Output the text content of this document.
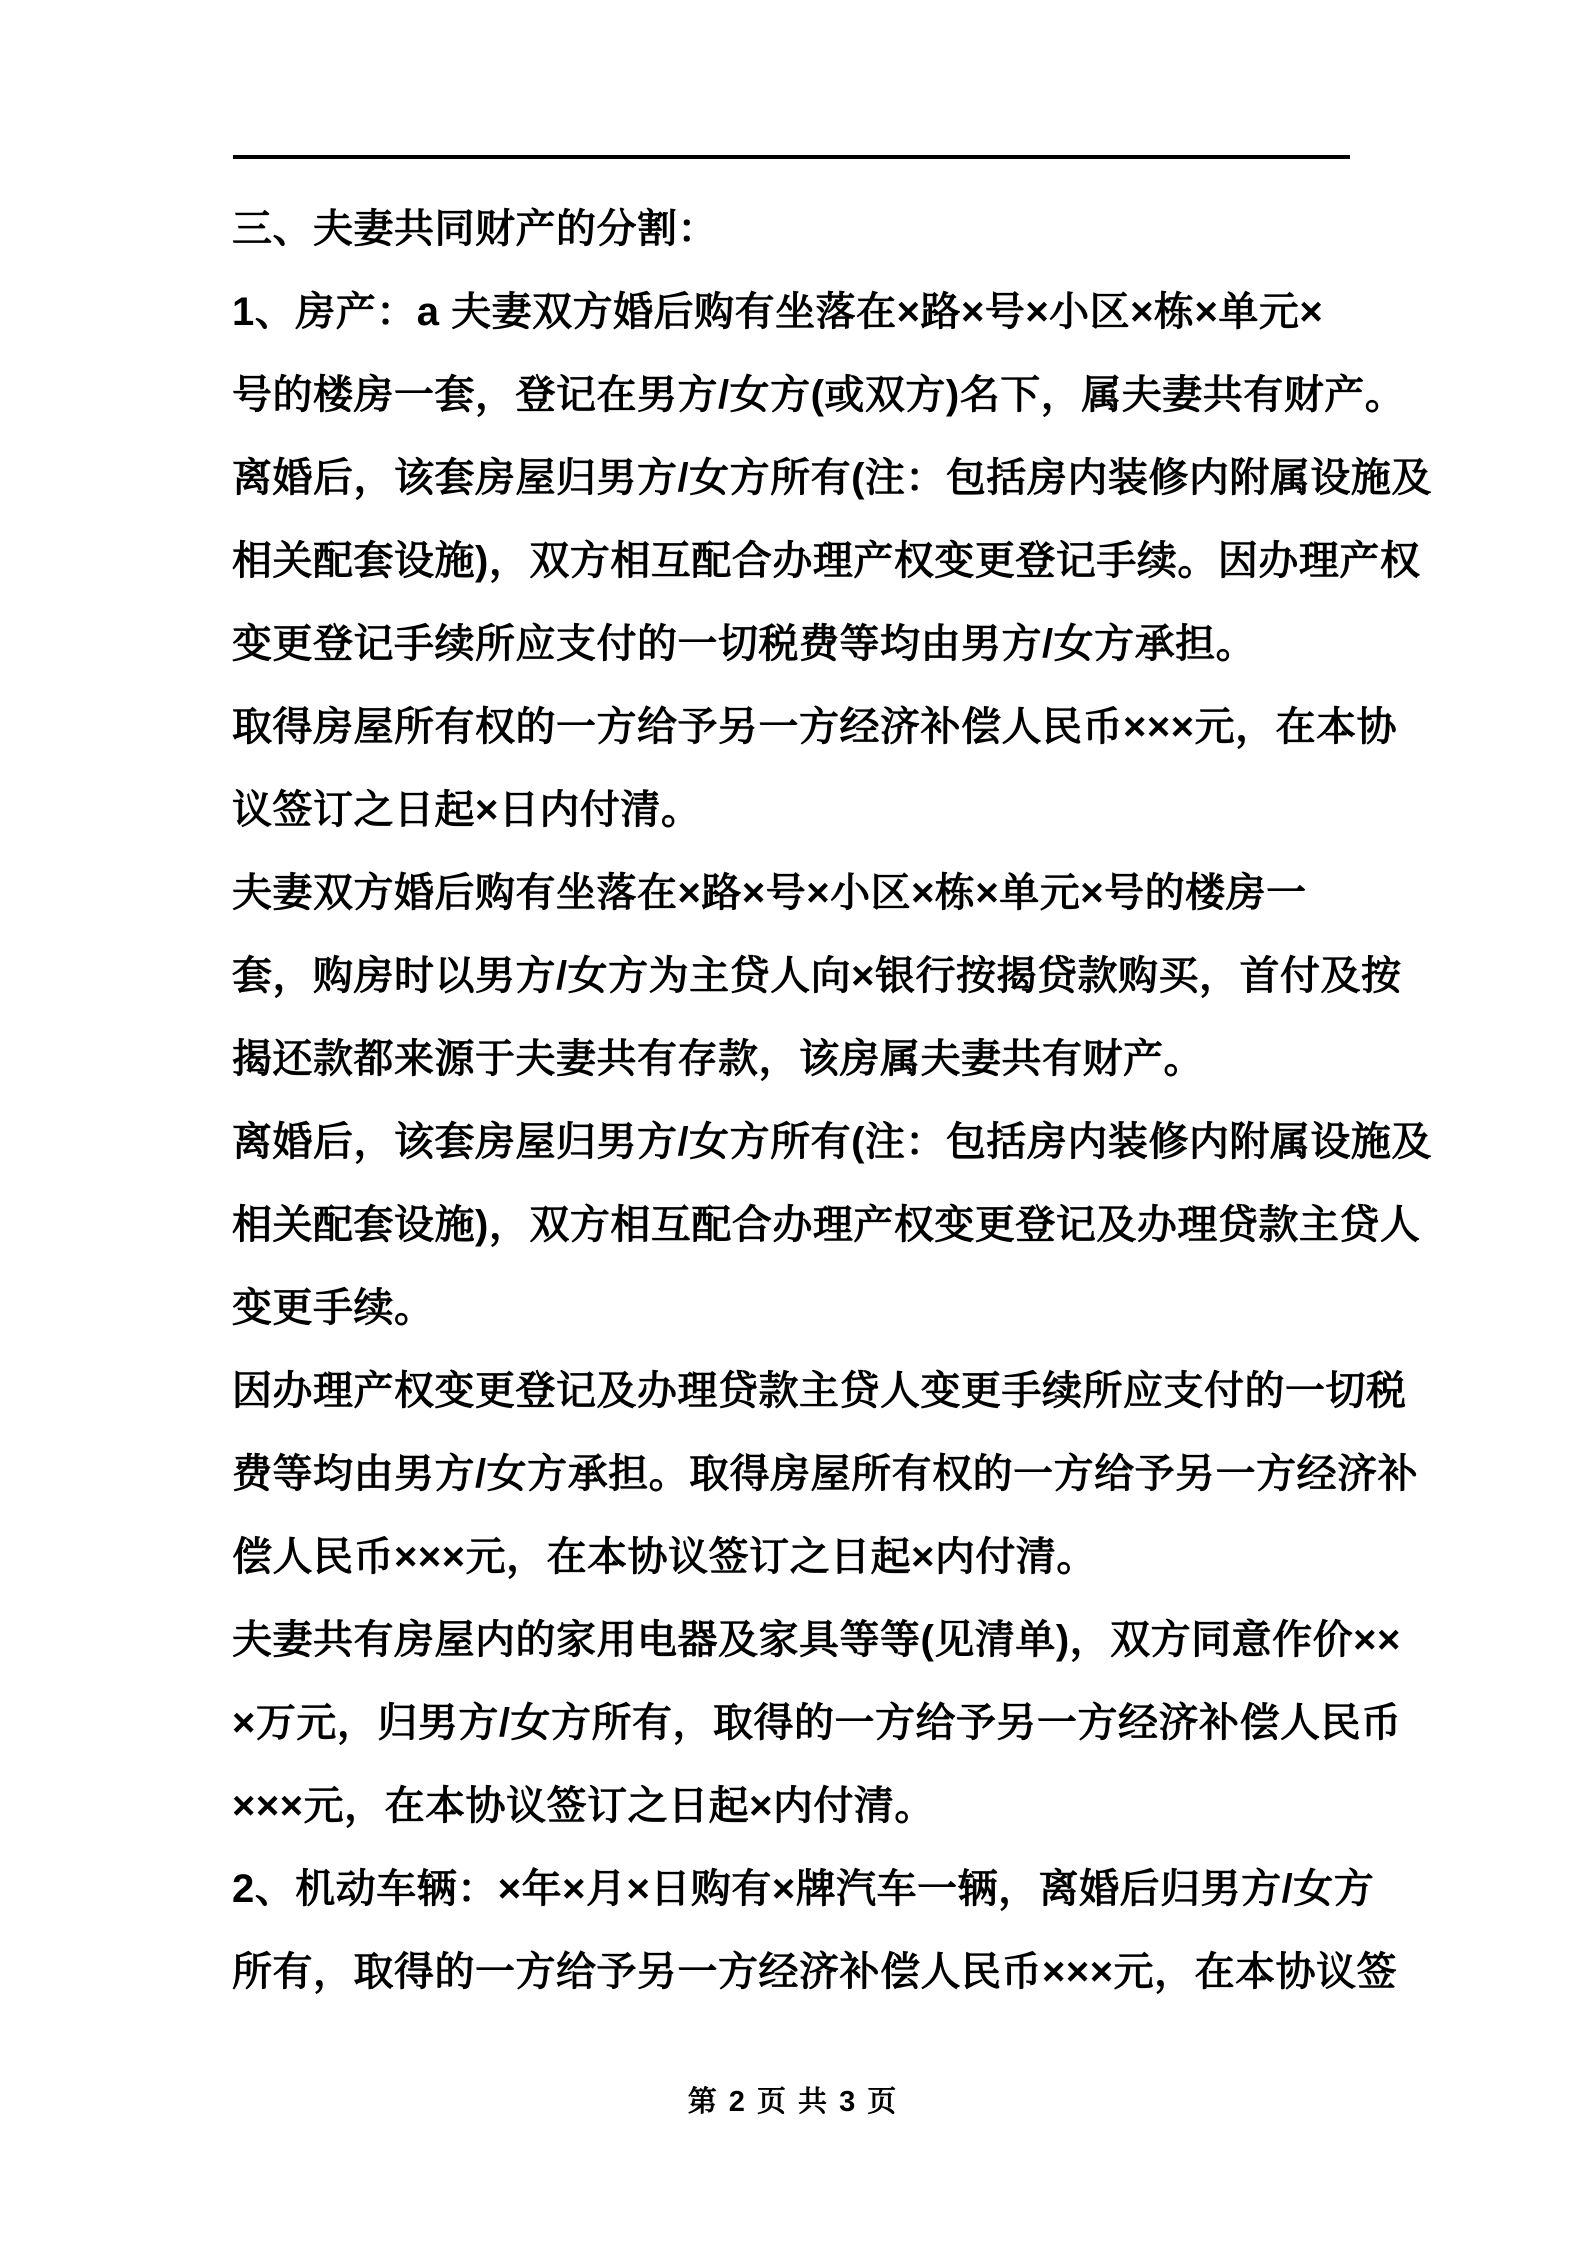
三、夫妻共同财产的分割：
1、房产：a 夫妻双方婚后购有坐落在×路×号×小区×栋×单元×
号的楼房一套，登记在男方/女方(或双方)名下，属夫妻共有财产。
离婚后，该套房屋归男方/女方所有(注：包括房内装修内附属设施及
相关配套设施)，双方相互配合办理产权变更登记手续。因办理产权
变更登记手续所应支付的一切税费等均由男方/女方承担。
取得房屋所有权的一方给予另一方经济补偿人民币×××元，在本协
议签订之日起×日内付清。
夫妻双方婚后购有坐落在×路×号×小区×栋×单元×号的楼房一
套，购房时以男方/女方为主贷人向×银行按揭贷款购买，首付及按
揭还款都来源于夫妻共有存款，该房属夫妻共有财产。
离婚后，该套房屋归男方/女方所有(注：包括房内装修内附属设施及
相关配套设施)，双方相互配合办理产权变更登记及办理贷款主贷人
变更手续。
因办理产权变更登记及办理贷款主贷人变更手续所应支付的一切税
费等均由男方/女方承担。取得房屋所有权的一方给予另一方经济补
偿人民币×××元，在本协议签订之日起×内付清。
夫妻共有房屋内的家用电器及家具等等(见清单)，双方同意作价××
×万元，归男方/女方所有，取得的一方给予另一方经济补偿人民币
×××元，在本协议签订之日起×内付清。
2、机动车辆：×年×月×日购有×牌汽车一辆，离婚后归男方/女方
所有，取得的一方给予另一方经济补偿人民币×××元，在本协议签
第 2 页 共 3 页
